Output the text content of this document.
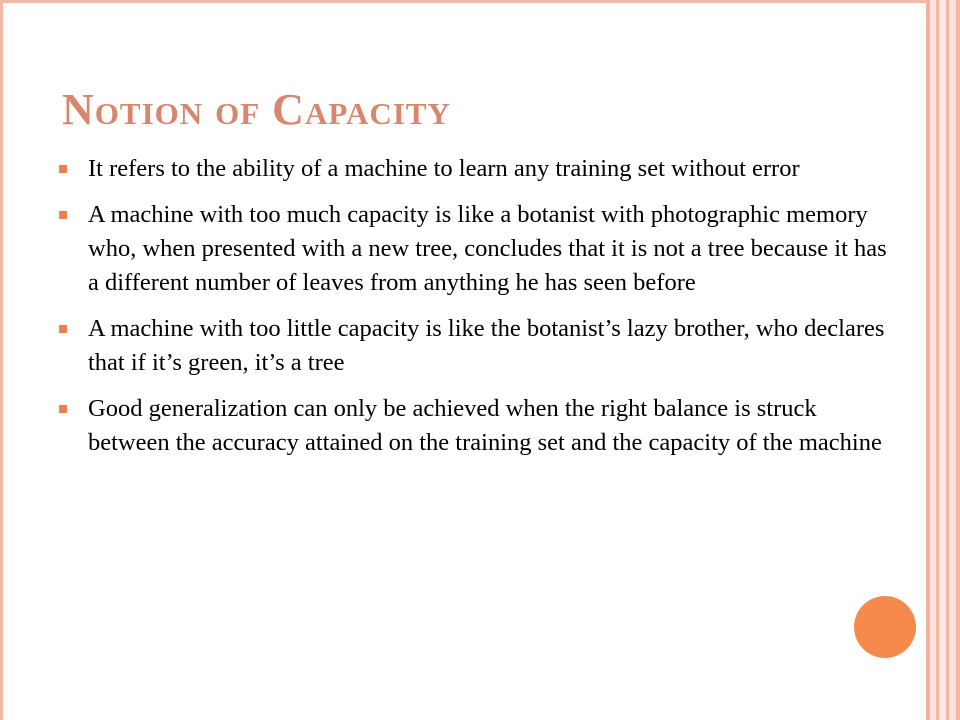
Notion of Capacity
It refers to the ability of a machine to learn any training set without error
A machine with too much capacity is like a botanist with photographic memory who, when presented with a new tree, concludes that it is not a tree because it has a different number of leaves from anything he has seen before
A machine with too little capacity is like the botanist’s lazy brother, who declares that if it’s green, it’s a tree
Good generalization can only be achieved when the right balance is struck between the accuracy attained on the training set and the capacity of the machine
